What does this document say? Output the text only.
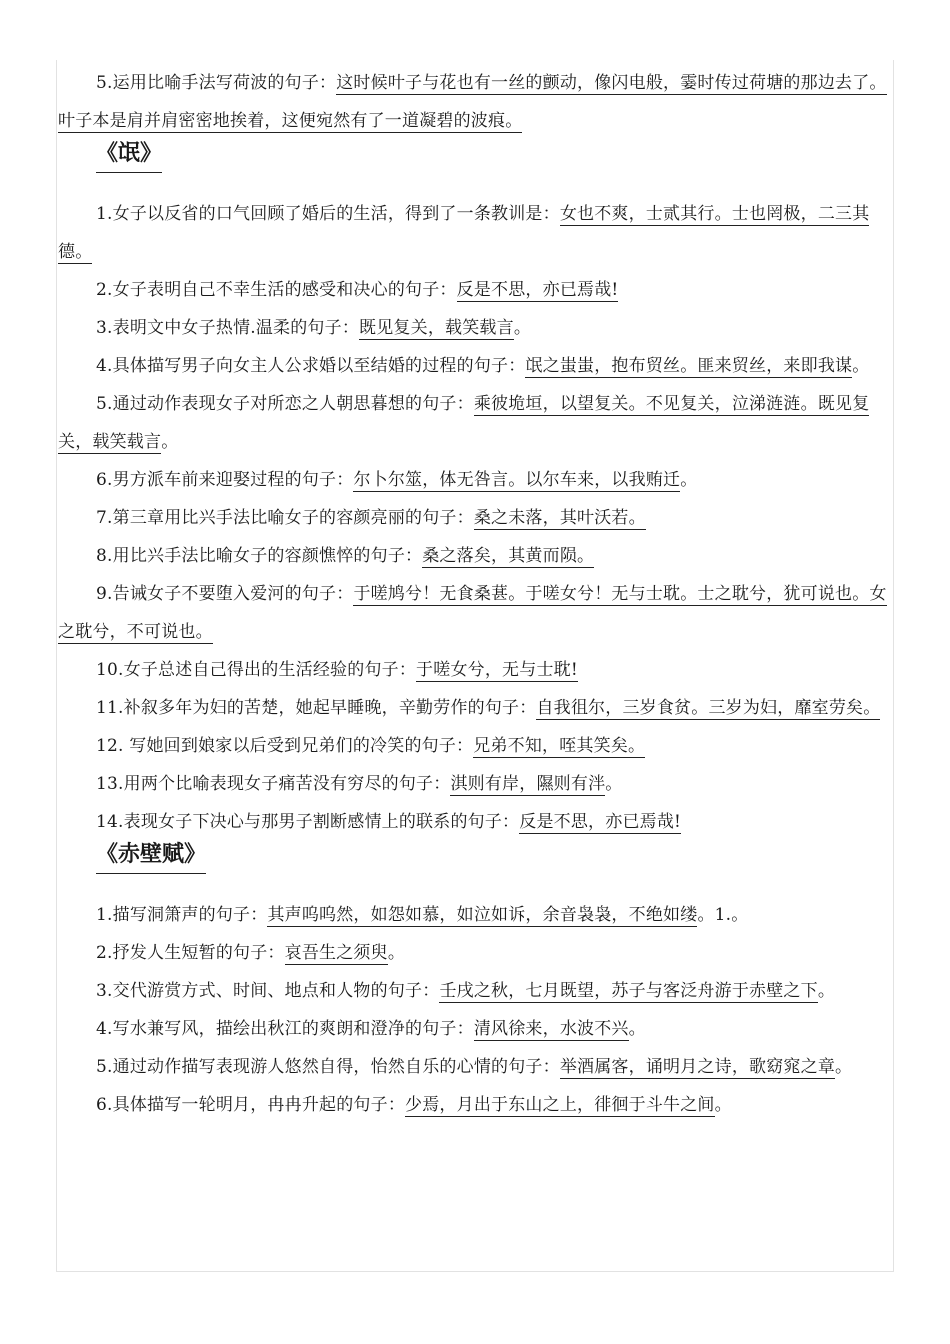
5.运用比喻手法写荷波的句子：这时候叶子与花也有一丝的颤动，像闪电般，霎时传过荷塘的那边去了。叶子本是肩并肩密密地挨着，这便宛然有了一道凝碧的波痕。

《氓》

1.女子以反省的口气回顾了婚后的生活，得到了一条教训是：女也不爽，士贰其行。士也罔极，二三其德。

2.女子表明自己不幸生活的感受和决心的句子：反是不思，亦已焉哉!

3.表明文中女子热情.温柔的句子：既见复关，载笑载言。

4.具体描写男子向女主人公求婚以至结婚的过程的句子：氓之蚩蚩，抱布贸丝。匪来贸丝，来即我谋。

5.通过动作表现女子对所恋之人朝思暮想的句子：乘彼垝垣，以望复关。不见复关，泣涕涟涟。既见复关，载笑载言。

6.男方派车前来迎娶过程的句子：尔卜尔筮，体无咎言。以尔车来，以我贿迁。

7.第三章用比兴手法比喻女子的容颜亮丽的句子：桑之未落，其叶沃若。

8.用比兴手法比喻女子的容颜憔悴的句子：桑之落矣，其黄而陨。

9.告诫女子不要堕入爱河的句子：于嗟鸠兮！无食桑葚。于嗟女兮！无与士耽。士之耽兮，犹可说也。女之耽兮，不可说也。

10.女子总述自己得出的生活经验的句子：于嗟女兮，无与士耽!

11.补叙多年为妇的苦楚，她起早睡晚，辛勤劳作的句子：自我徂尔，三岁食贫。三岁为妇，靡室劳矣。

12. 写她回到娘家以后受到兄弟们的冷笑的句子：兄弟不知，咥其笑矣。

13.用两个比喻表现女子痛苦没有穷尽的句子：淇则有岸，隰则有泮。

14.表现女子下决心与那男子割断感情上的联系的句子：反是不思，亦已焉哉!

《赤壁赋》

1.描写洞箫声的句子：其声呜呜然，如怨如慕，如泣如诉，余音袅袅，不绝如缕。1.。

2.抒发人生短暂的句子：哀吾生之须臾。

3.交代游赏方式、时间、地点和人物的句子：壬戌之秋，七月既望，苏子与客泛舟游于赤壁之下。

4.写水兼写风，描绘出秋江的爽朗和澄净的句子：清风徐来，水波不兴。

5.通过动作描写表现游人悠然自得，怡然自乐的心情的句子：举酒属客，诵明月之诗，歌窈窕之章。

6.具体描写一轮明月，冉冉升起的句子：少焉，月出于东山之上，徘徊于斗牛之间。
